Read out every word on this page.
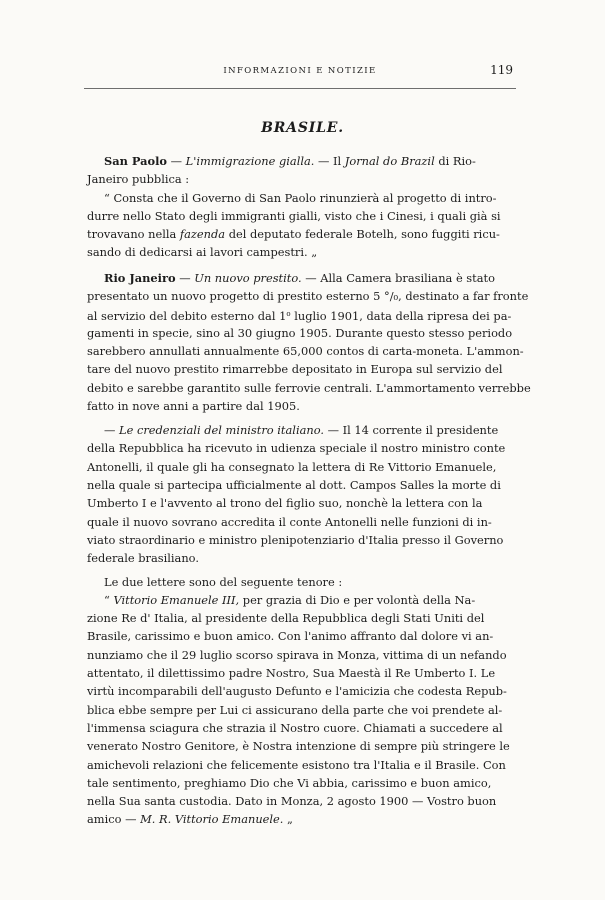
INFORMAZIONI E NOTIZIE	119
BRASILE.
San Paolo — L'immigrazione gialla. — Il Jornal do Brazil di Rio-
Janeiro pubblica :
“ Consta che il Governo di San Paolo rinunzierà al progetto di intro-
durre nello Stato degli immigranti gialli, visto che i Cinesi, i quali già si
trovavano nella fazenda del deputato federale Botelh, sono fuggiti ricu-
sando di dedicarsi ai lavori campestri. „
Rio Janeiro — Un nuovo prestito. — Alla Camera brasiliana è stato
presentato un nuovo progetto di prestito esterno 5 °/₀, destinato a far fronte
al servizio del debito esterno dal 1$^o$ luglio 1901, data della ripresa dei pa-
gamenti in specie, sino al 30 giugno 1905. Durante questo stesso periodo
sarebbero annullati annualmente 65,000 contos di carta-moneta. L'ammon-
tare del nuovo prestito rimarrebbe depositato in Europa sul servizio del
debito e sarebbe garantito sulle ferrovie centrali. L'ammortamento verrebbe
fatto in nove anni a partire dal 1905.
— Le credenziali del ministro italiano. — Il 14 corrente il presidente
della Repubblica ha ricevuto in udienza speciale il nostro ministro conte
Antonelli, il quale gli ha consegnato la lettera di Re Vittorio Emanuele,
nella quale si partecipa ufficialmente al dott. Campos Salles la morte di
Umberto I e l'avvento al trono del figlio suo, nonchè la lettera con la
quale il nuovo sovrano accredita il conte Antonelli nelle funzioni di in-
viato straordinario e ministro plenipotenziario d'Italia presso il Governo
federale brasiliano.
Le due lettere sono del seguente tenore :
“ Vittorio Emanuele III, per grazia di Dio e per volontà della Na-
zione Re d' Italia, al presidente della Repubblica degli Stati Uniti del
Brasile, carissimo e buon amico. Con l'animo affranto dal dolore vi an-
nunziamo che il 29 luglio scorso spirava in Monza, vittima di un nefando
attentato, il dilettissimo padre Nostro, Sua Maestà il Re Umberto I. Le
virtù incomparabili dell'augusto Defunto e l'amicizia che codesta Repub-
blica ebbe sempre per Lui ci assicurano della parte che voi prendete al-
l'immensa sciagura che strazia il Nostro cuore. Chiamati a succedere al
venerato Nostro Genitore, è Nostra intenzione di sempre più stringere le
amichevoli relazioni che felicemente esistono tra l'Italia e il Brasile. Con
tale sentimento, preghiamo Dio che Vi abbia, carissimo e buon amico,
nella Sua santa custodia. Dato in Monza, 2 agosto 1900 — Vostro buon
amico — M. R. Vittorio Emanuele. „
